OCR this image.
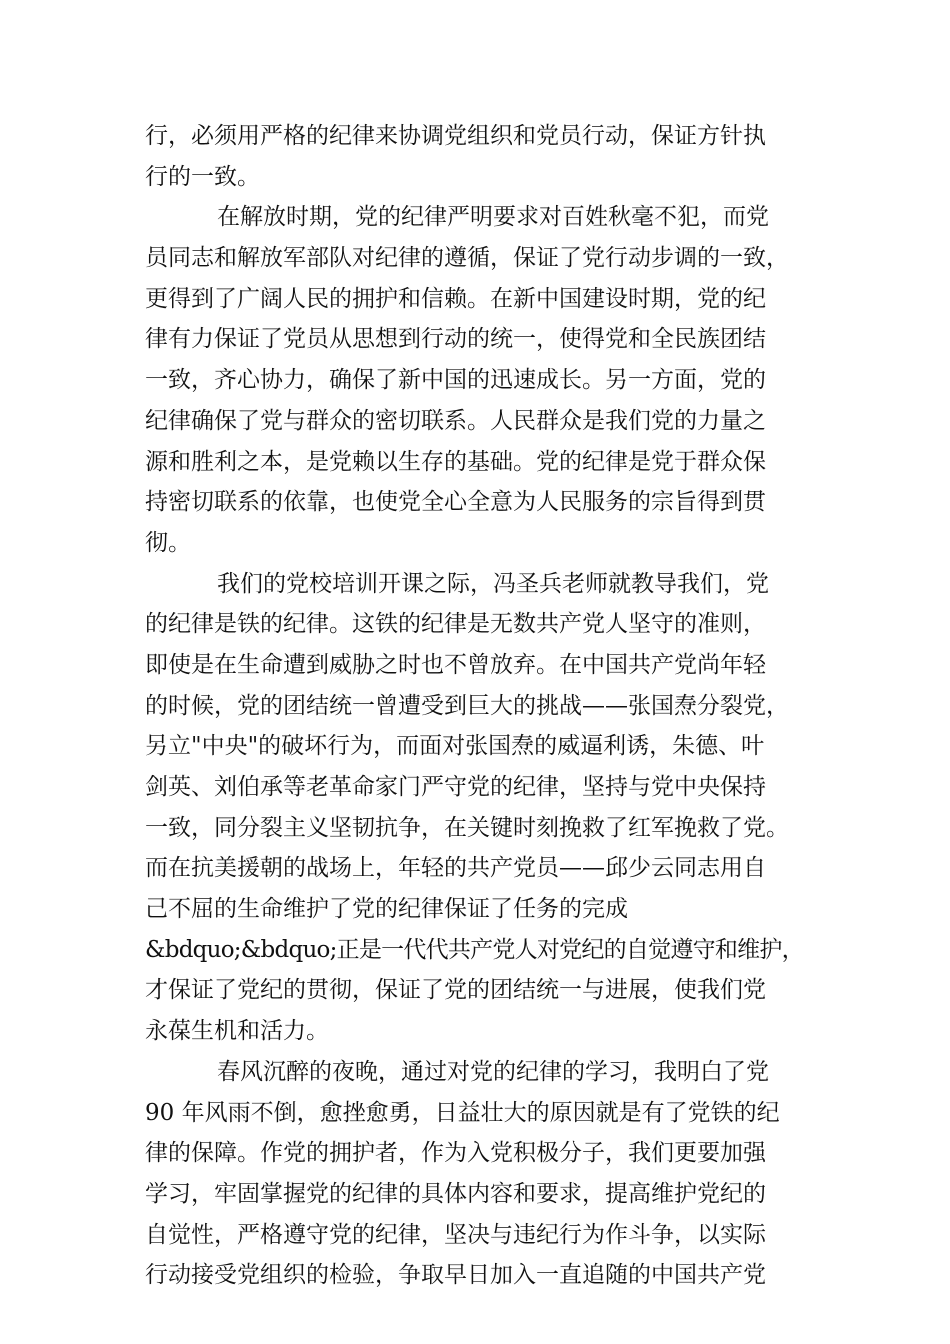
行，必须用严格的纪律来协调党组织和党员行动，保证方针执
行的一致。
在解放时期，党的纪律严明要求对百姓秋毫不犯，而党
员同志和解放军部队对纪律的遵循，保证了党行动步调的一致，
更得到了广阔人民的拥护和信赖。在新中国建设时期，党的纪
律有力保证了党员从思想到行动的统一，使得党和全民族团结
一致，齐心协力，确保了新中国的迅速成长。另一方面，党的
纪律确保了党与群众的密切联系。人民群众是我们党的力量之
源和胜利之本，是党赖以生存的基础。党的纪律是党于群众保
持密切联系的依靠，也使党全心全意为人民服务的宗旨得到贯
彻。
我们的党校培训开课之际，冯圣兵老师就教导我们，党
的纪律是铁的纪律。这铁的纪律是无数共产党人坚守的准则，
即使是在生命遭到威胁之时也不曾放弃。在中国共产党尚年轻
的时候，党的团结统一曾遭受到巨大的挑战——张国焘分裂党，
另立"中央"的破坏行为，而面对张国焘的威逼利诱，朱德、叶
剑英、刘伯承等老革命家门严守党的纪律，坚持与党中央保持
一致，同分裂主义坚韧抗争，在关键时刻挽救了红军挽救了党。
而在抗美援朝的战场上，年轻的共产党员——邱少云同志用自
己不屈的生命维护了党的纪律保证了任务的完成
&bdquo;&bdquo;正是一代代共产党人对党纪的自觉遵守和维护，
才保证了党纪的贯彻，保证了党的团结统一与进展，使我们党
永葆生机和活力。
春风沉醉的夜晚，通过对党的纪律的学习，我明白了党
90 年风雨不倒，愈挫愈勇，日益壮大的原因就是有了党铁的纪
律的保障。作党的拥护者，作为入党积极分子，我们更要加强
学习，牢固掌握党的纪律的具体内容和要求，提高维护党纪的
自觉性，严格遵守党的纪律，坚决与违纪行为作斗争，以实际
行动接受党组织的检验，争取早日加入一直追随的中国共产党
